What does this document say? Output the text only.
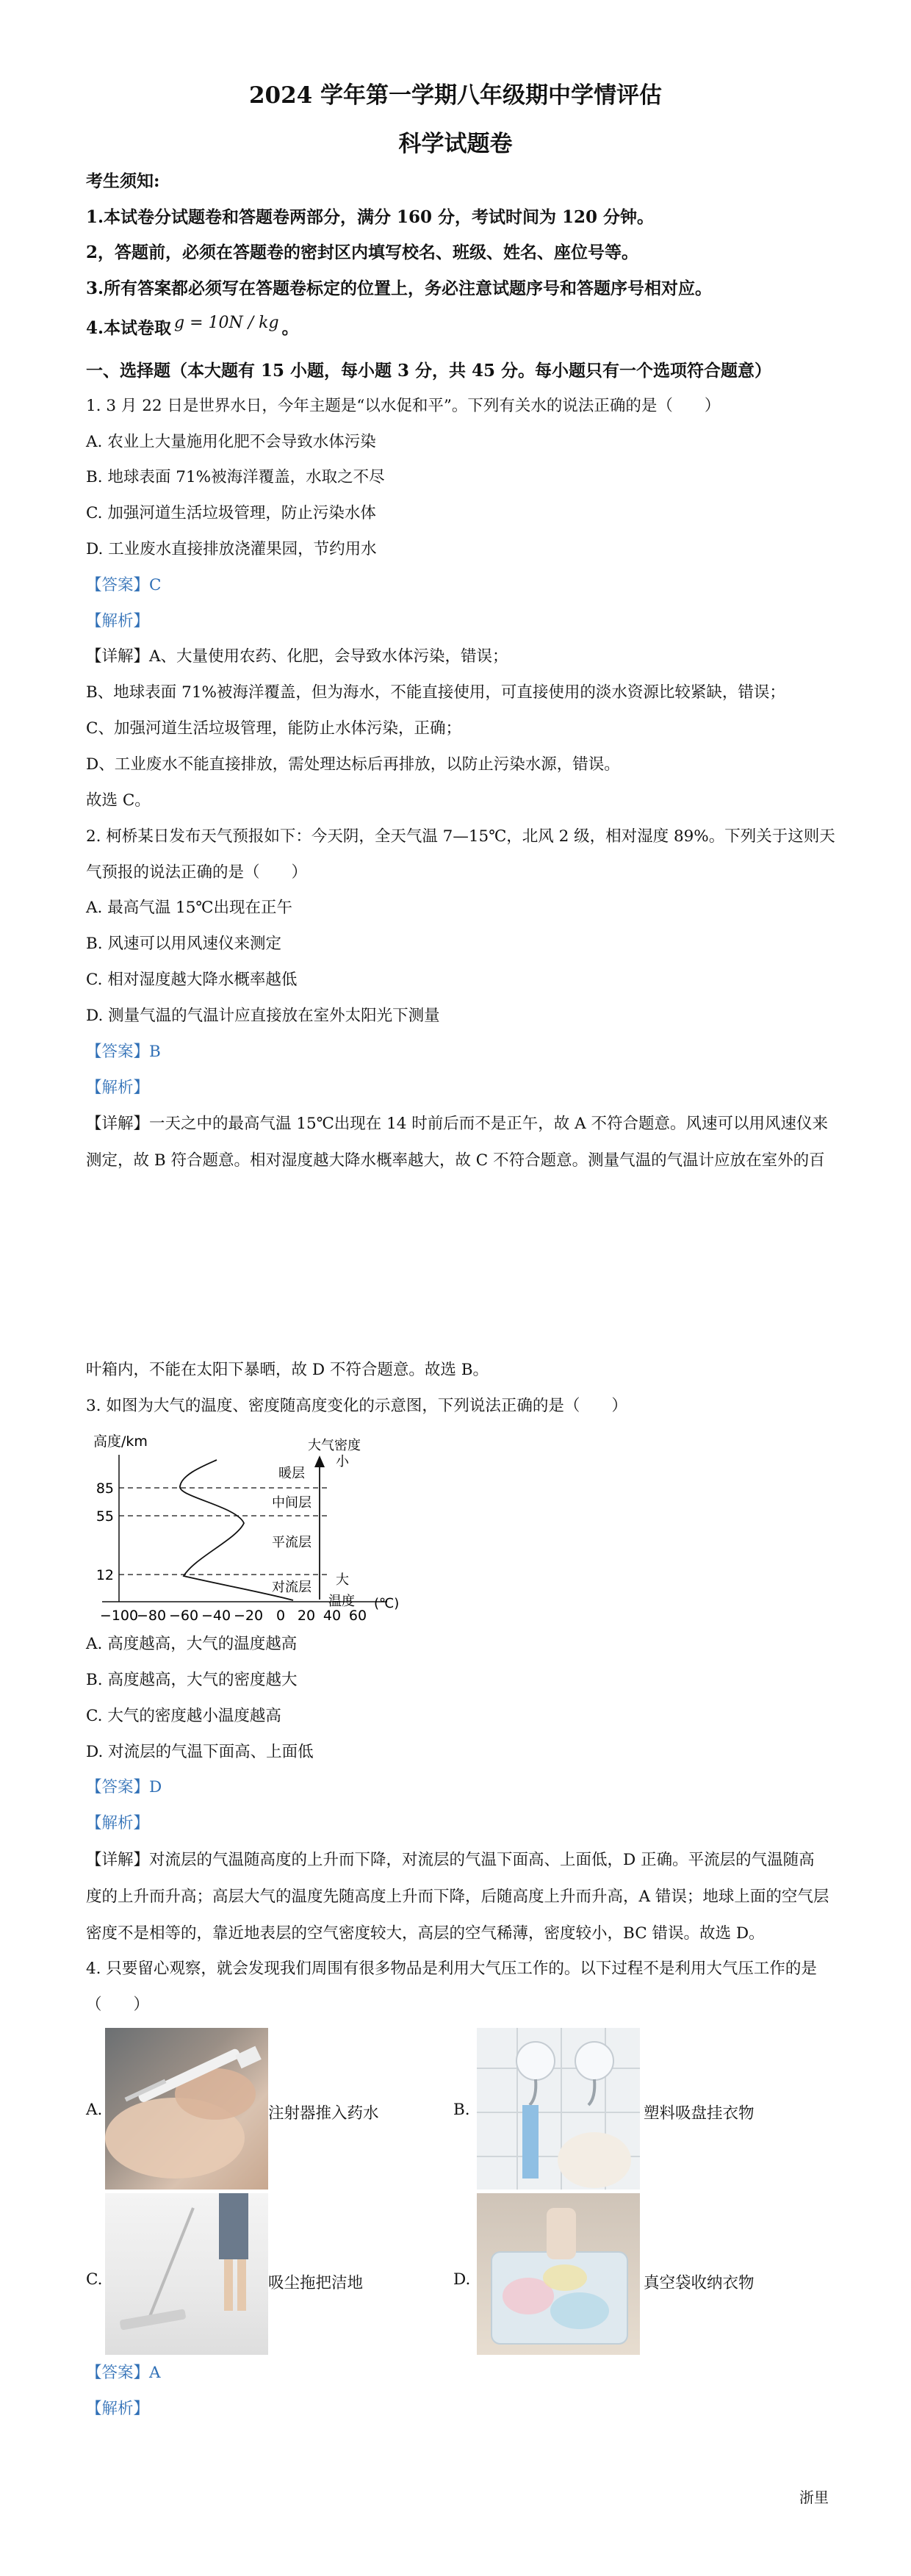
2024 学年第一学期八年级期中学情评估
科学试题卷
考生须知:
1.本试卷分试题卷和答题卷两部分，满分 160 分，考试时间为 120 分钟。
2，答题前，必须在答题卷的密封区内填写校名、班级、姓名、座位号等。
3.所有答案都必须写在答题卷标定的位置上，务必注意试题序号和答题序号相对应。
4.本试卷取 g = 10N / kg 。
一、选择题（本大题有 15 小题，每小题 3 分，共 45 分。每小题只有一个选项符合题意）
1. 3 月 22 日是世界水日，今年主题是“以水促和平”。下列有关水的说法正确的是（　　）
A. 农业上大量施用化肥不会导致水体污染
B. 地球表面 71%被海洋覆盖，水取之不尽
C. 加强河道生活垃圾管理，防止污染水体
D. 工业废水直接排放浇灌果园，节约用水
【答案】C
【解析】
【详解】A、大量使用农药、化肥，会导致水体污染，错误；
B、地球表面 71%被海洋覆盖，但为海水，不能直接使用，可直接使用的淡水资源比较紧缺，错误；
C、加强河道生活垃圾管理，能防止水体污染，正确；
D、工业废水不能直接排放，需处理达标后再排放，以防止污染水源，错误。
故选 C。
2. 柯桥某日发布天气预报如下：今天阴，全天气温 7—15℃，北风 2 级，相对湿度 89%。下列关于这则天
气预报的说法正确的是（　　）
A. 最高气温 15℃出现在正午
B. 风速可以用风速仪来测定
C. 相对湿度越大降水概率越低
D. 测量气温的气温计应直接放在室外太阳光下测量
【答案】B
【解析】
【详解】一天之中的最高气温 15℃出现在 14 时前后而不是正午，故 A 不符合题意。风速可以用风速仪来测定，故 B 符合题意。相对湿度越大降水概率越大，故 C 不符合题意。测量气温的气温计应放在室外的百
叶箱内，不能在太阳下暴晒，故 D 不符合题意。故选 B。
3. 如图为大气的温度、密度随高度变化的示意图，下列说法正确的是（　　）
高度/km
85
55
12
−100
−80 −60 −40 −20 0 20 40 60
(℃)
暖层
中间层
平流层
对流层
大气密度
小
大
温度
A. 高度越高，大气的温度越高
B. 高度越高，大气的密度越大
C. 大气的密度越小温度越高
D. 对流层的气温下面高、上面低
【答案】D
【解析】
【详解】对流层的气温随高度的上升而下降，对流层的气温下面高、上面低，D 正确。平流层的气温随高度的上升而升高；高层大气的温度先随高度上升而下降，后随高度上升而升高，A 错误；地球上面的空气层密度不是相等的，靠近地表层的空气密度较大，高层的空气稀薄，密度较小，BC 错误。故选 D。
4. 只要留心观察，就会发现我们周围有很多物品是利用大气压工作的。以下过程不是利用大气压工作的是
（　　）
A.	注射器推入药水	B.	塑料吸盘挂衣物
C.	吸尘拖把洁地	D.	真空袋收纳衣物
【答案】A
【解析】
浙里
